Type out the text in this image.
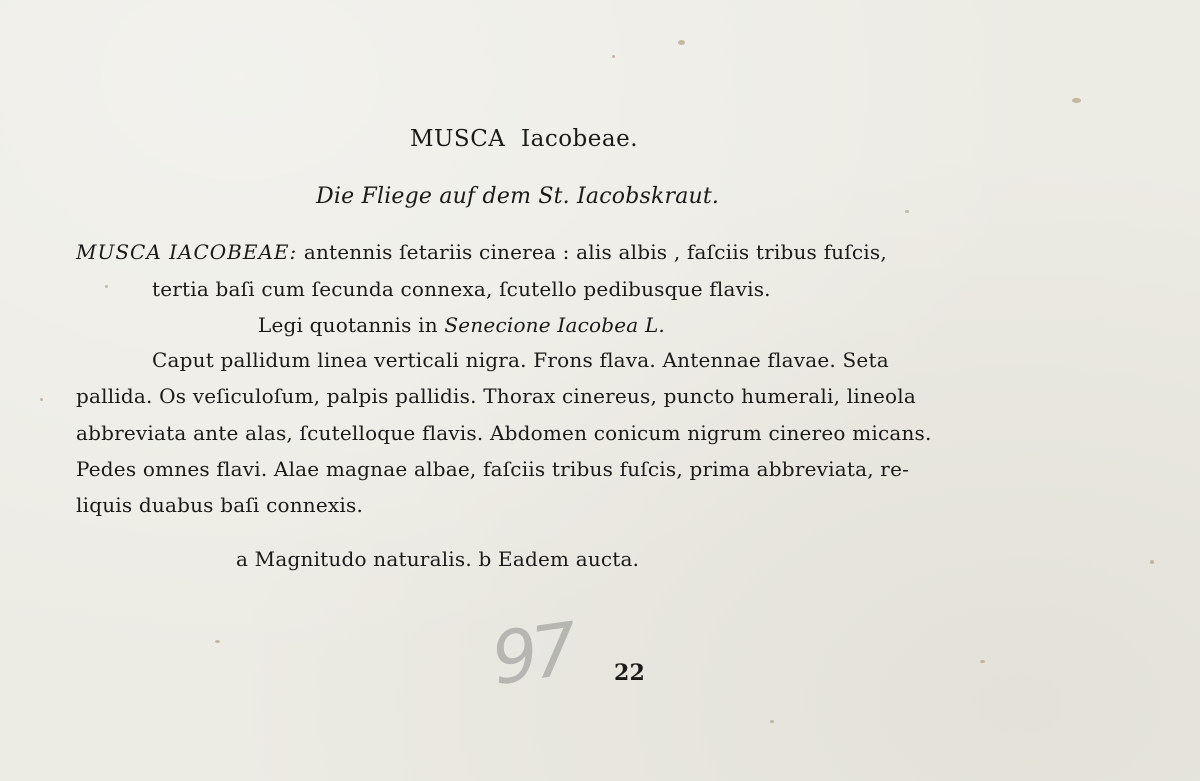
MUSCA Iacobeae.
Die Fliege auf dem St. Iacobskraut.
MUSCA IACOBEAE: antennis ſetariis cinerea : alis albis , faſciis tribus fuſcis,
tertia baſi cum ſecunda connexa, ſcutello pedibusque flavis.
Legi quotannis in Senecione Iacobea L.
Caput pallidum linea verticali nigra. Frons flava. Antennae flavae. Seta
pallida. Os veſiculoſum, palpis pallidis. Thorax cinereus, puncto humerali, lineola
abbreviata ante alas, ſcutelloque flavis. Abdomen conicum nigrum cinereo micans.
Pedes omnes flavi. Alae magnae albae, faſciis tribus fuſcis, prima abbreviata, re-
liquis duabus baſi connexis.
a Magnitudo naturalis. b Eadem aucta.
97 22
